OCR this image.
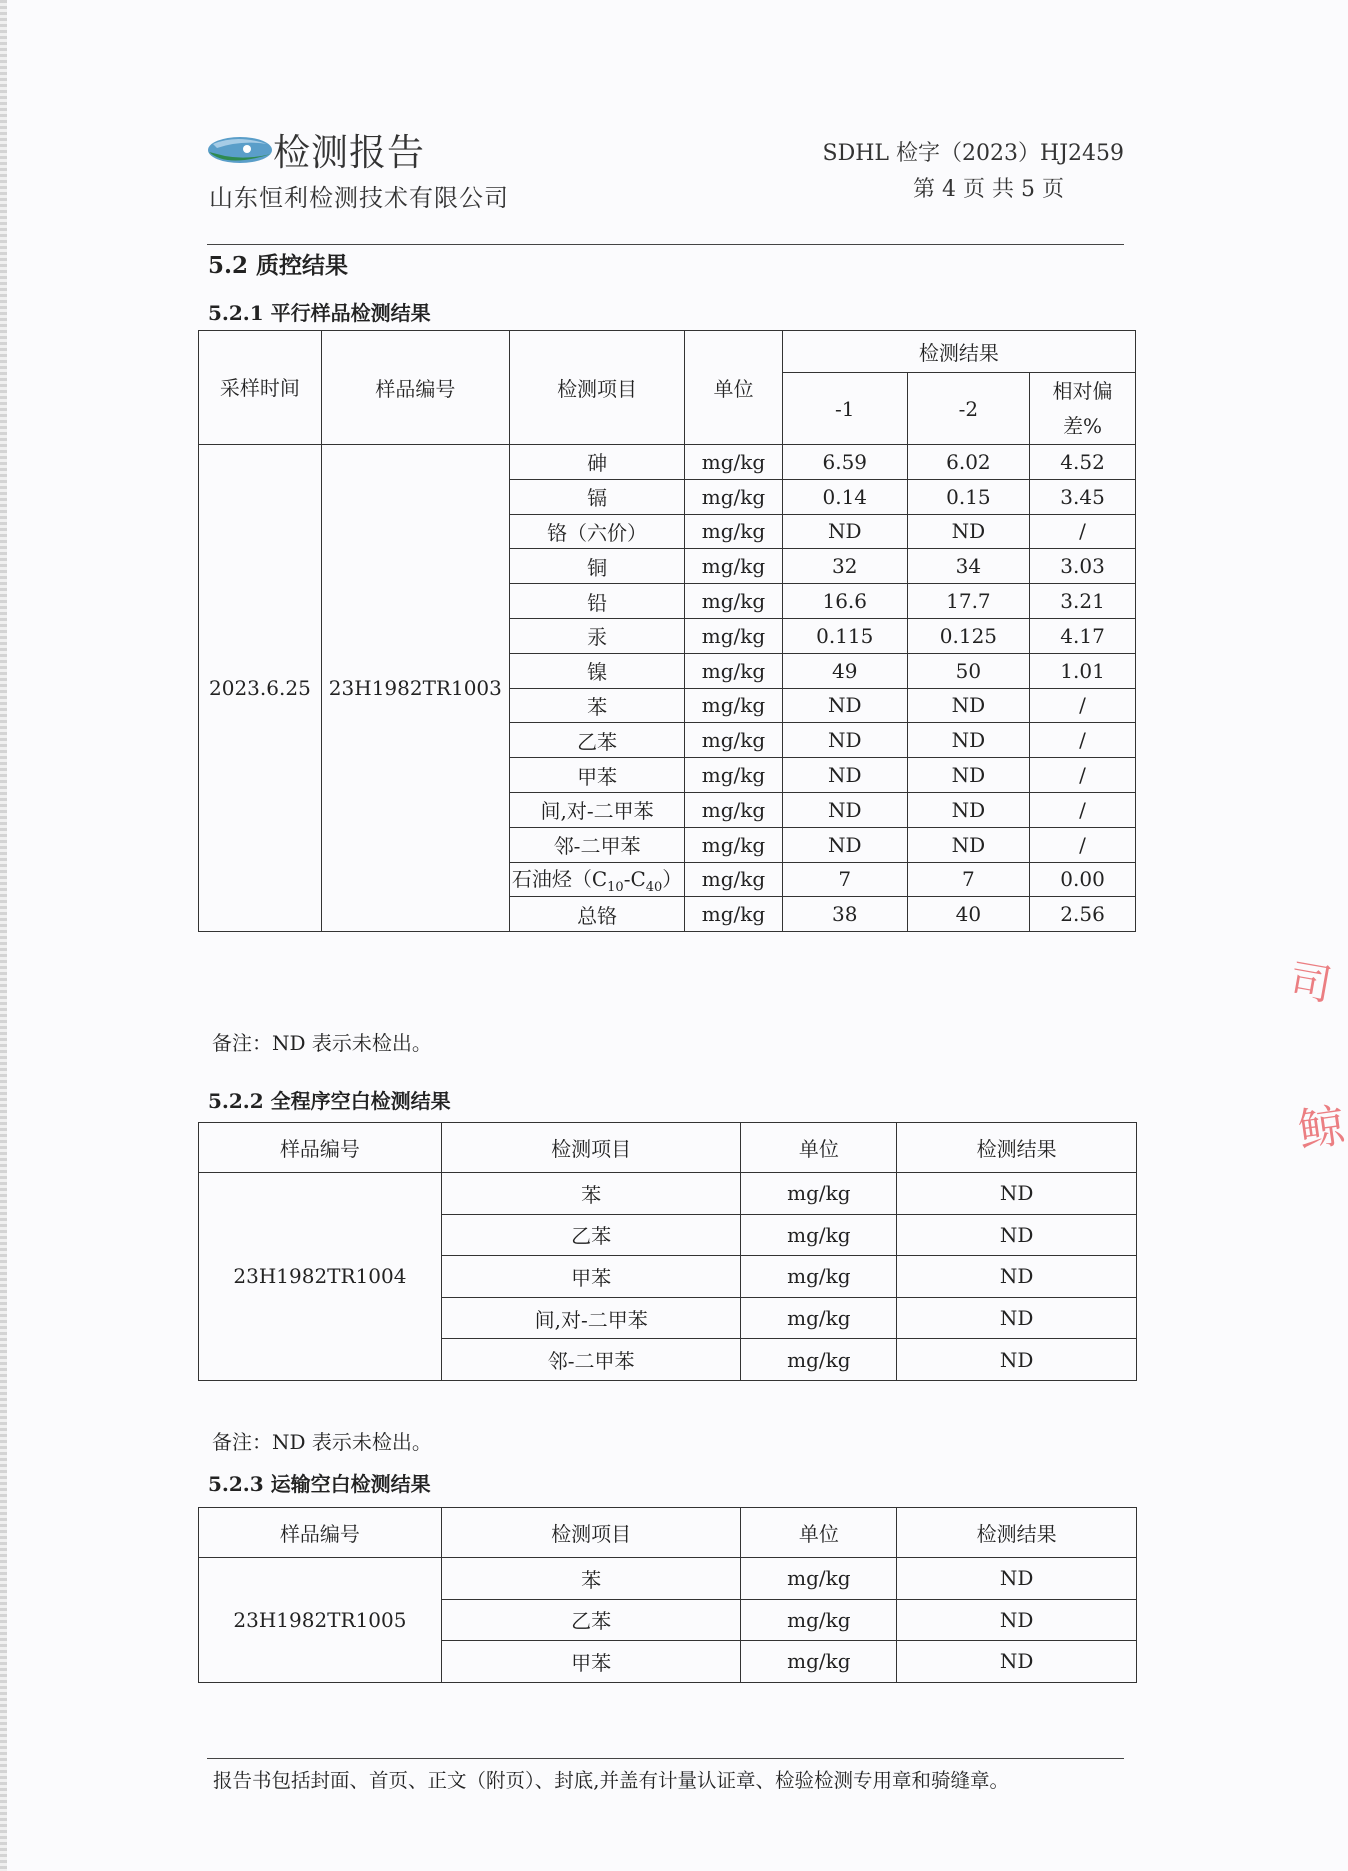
检测报告
山东恒利检测技术有限公司
SDHL 检字（2023）HJ2459
第 4 页 共 5 页
5.2 质控结果
5.2.1 平行样品检测结果
采样时间	样品编号	检测项目	单位	检测结果		
				-1	-2	相对偏差%
2023.6.25	23H1982TR1003	砷	mg/kg	6.59	6.02	4.52
		镉	mg/kg	0.14	0.15	3.45
		铬（六价）	mg/kg	ND	ND	/
		铜	mg/kg	32	34	3.03
		铅	mg/kg	16.6	17.7	3.21
		汞	mg/kg	0.115	0.125	4.17
		镍	mg/kg	49	50	1.01
		苯	mg/kg	ND	ND	/
		乙苯	mg/kg	ND	ND	/
		甲苯	mg/kg	ND	ND	/
		间,对-二甲苯	mg/kg	ND	ND	/
		邻-二甲苯	mg/kg	ND	ND	/
		石油烃$(C_{10}-C_{40})$	mg/kg	7	7	0.00
		总铬	mg/kg	38	40	2.56
备注：ND 表示未检出。
5.2.2 全程序空白检测结果
样品编号	检测项目	单位	检测结果
23H1982TR1004	苯	mg/kg	ND
	乙苯	mg/kg	ND
	甲苯	mg/kg	ND
	间,对-二甲苯	mg/kg	ND
	邻-二甲苯	mg/kg	ND
备注：ND 表示未检出。
5.2.3 运输空白检测结果
样品编号	检测项目	单位	检测结果
23H1982TR1005	苯	mg/kg	ND
	乙苯	mg/kg	ND
	甲苯	mg/kg	ND
报告书包括封面、首页、正文（附页）、封底,并盖有计量认证章、检验检测专用章和骑缝章。
司
鲸
